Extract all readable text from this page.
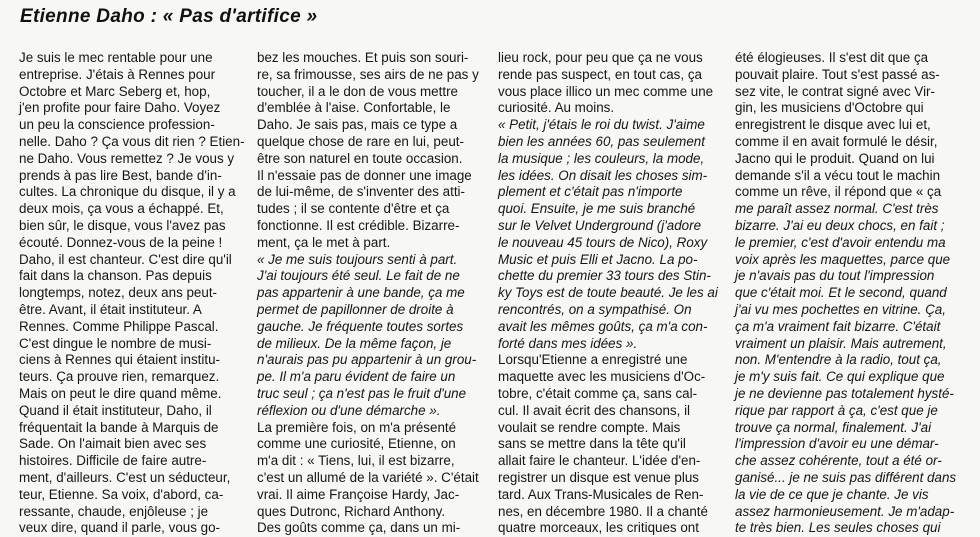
Etienne Daho : « Pas d'artifice »
Je suis le mec rentable pour une
entreprise. J'étais à Rennes pour
Octobre et Marc Seberg et, hop,
j'en profite pour faire Daho. Voyez
un peu la conscience profession-
nelle. Daho ? Ça vous dit rien ? Etien-
ne Daho. Vous remettez ? Je vous y
prends à pas lire Best, bande d'in-
cultes. La chronique du disque, il y a
deux mois, ça vous a échappé. Et,
bien sûr, le disque, vous l'avez pas
écouté. Donnez-vous de la peine !
Daho, il est chanteur. C'est dire qu'il
fait dans la chanson. Pas depuis
longtemps, notez, deux ans peut-
être. Avant, il était instituteur. A
Rennes. Comme Philippe Pascal.
C'est dingue le nombre de musi-
ciens à Rennes qui étaient institu-
teurs. Ça prouve rien, remarquez.
Mais on peut le dire quand même.
Quand il était instituteur, Daho, il
fréquentait la bande à Marquis de
Sade. On l'aimait bien avec ses
histoires. Difficile de faire autre-
ment, d'ailleurs. C'est un séducteur,
teur, Etienne. Sa voix, d'abord, ca-
ressante, chaude, enjôleuse ; je
veux dire, quand il parle, vous go-
bez les mouches. Et puis son souri-
re, sa frimousse, ses airs de ne pas y
toucher, il a le don de vous mettre
d'emblée à l'aise. Confortable, le
Daho. Je sais pas, mais ce type a
quelque chose de rare en lui, peut-
être son naturel en toute occasion.
Il n'essaie pas de donner une image
de lui-même, de s'inventer des atti-
tudes ; il se contente d'être et ça
fonctionne. Il est crédible. Bizarre-
ment, ça le met à part.
« Je me suis toujours senti à part.
J'ai toujours été seul. Le fait de ne
pas appartenir à une bande, ça me
permet de papillonner de droite à
gauche. Je fréquente toutes sortes
de milieux. De la même façon, je
n'aurais pas pu appartenir à un grou-
pe. Il m'a paru évident de faire un
truc seul ; ça n'est pas le fruit d'une
réflexion ou d'une démarche ».
La première fois, on m'a présenté
comme une curiosité, Etienne, on
m'a dit : « Tiens, lui, il est bizarre,
c'est un allumé de la variété ». C'était
vrai. Il aime Françoise Hardy, Jac-
ques Dutronc, Richard Anthony.
Des goûts comme ça, dans un mi-
lieu rock, pour peu que ça ne vous
rende pas suspect, en tout cas, ça
vous place illico un mec comme une
curiosité. Au moins.
« Petit, j'étais le roi du twist. J'aime
bien les années 60, pas seulement
la musique ; les couleurs, la mode,
les idées. On disait les choses sim-
plement et c'était pas n'importe
quoi. Ensuite, je me suis branché
sur le Velvet Underground (j'adore
le nouveau 45 tours de Nico), Roxy
Music et puis Elli et Jacno. La po-
chette du premier 33 tours des Stin-
ky Toys est de toute beauté. Je les ai
rencontrés, on a sympathisé. On
avait les mêmes goûts, ça m'a con-
forté dans mes idées ».
Lorsqu'Etienne a enregistré une
maquette avec les musiciens d'Oc-
tobre, c'était comme ça, sans cal-
cul. Il avait écrit des chansons, il
voulait se rendre compte. Mais
sans se mettre dans la tête qu'il
allait faire le chanteur. L'idée d'en-
registrer un disque est venue plus
tard. Aux Trans-Musicales de Ren-
nes, en décembre 1980. Il a chanté
quatre morceaux, les critiques ont
été élogieuses. Il s'est dit que ça
pouvait plaire. Tout s'est passé as-
sez vite, le contrat signé avec Vir-
gin, les musiciens d'Octobre qui
enregistrent le disque avec lui et,
comme il en avait formulé le désir,
Jacno qui le produit. Quand on lui
demande s'il a vécu tout le machin
comme un rêve, il répond que « ça
me paraît assez normal. C'est très
bizarre. J'ai eu deux chocs, en fait ;
le premier, c'est d'avoir entendu ma
voix après les maquettes, parce que
je n'avais pas du tout l'impression
que c'était moi. Et le second, quand
j'ai vu mes pochettes en vitrine. Ça,
ça m'a vraiment fait bizarre. C'était
vraiment un plaisir. Mais autrement,
non. M'entendre à la radio, tout ça,
je m'y suis fait. Ce qui explique que
je ne devienne pas totalement hysté-
rique par rapport à ça, c'est que je
trouve ça normal, finalement. J'ai
l'impression d'avoir eu une démar-
che assez cohérente, tout a été or-
ganisé... je ne suis pas différent dans
la vie de ce que je chante. Je vis
assez harmonieusement. Je m'adap-
te très bien. Les seules choses qui
